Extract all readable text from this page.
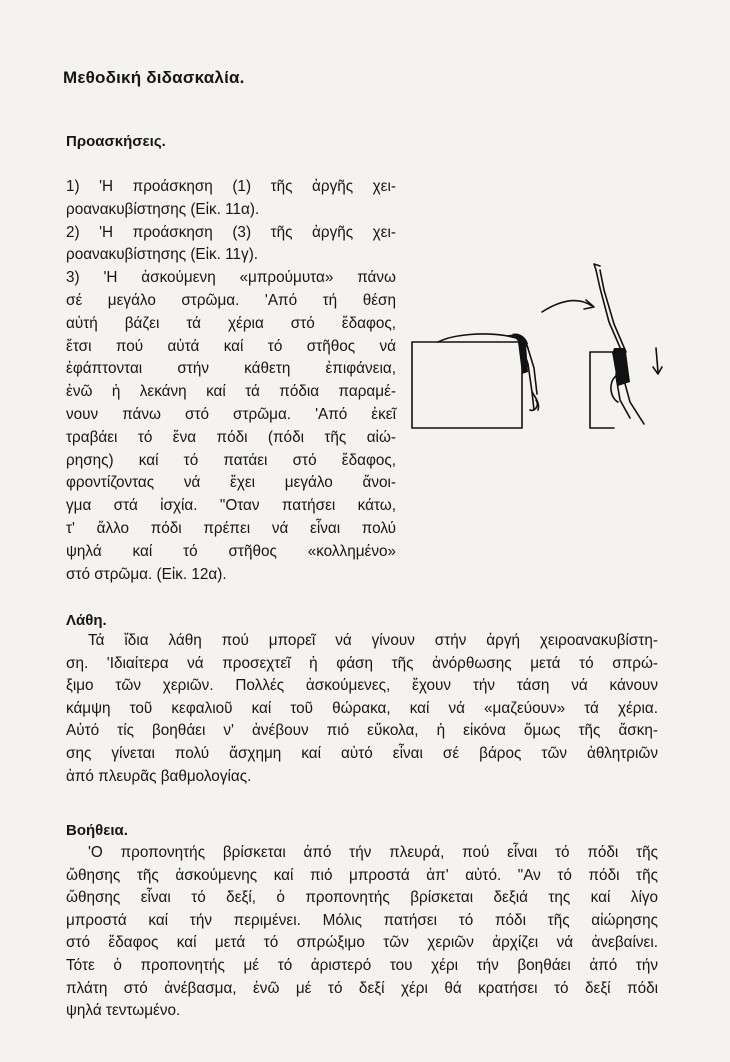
Μεθοδική διδασκαλία.
Προασκήσεις.
1) 'Η προάσκηση (1) τῆς ἀργῆς χει-
ροανακυβίστησης (Εἰκ. 11α).
2) 'Η προάσκηση (3) τῆς ἀργῆς χει-
ροανακυβίστησης (Εἰκ. 11γ).
3) 'Η ἀσκούμενη «μπρούμυτα» πάνω
σέ μεγάλο στρῶμα. 'Από τή θέση
αὐτή βάζει τά χέρια στό ἔδαφος,
ἔτσι πού αὐτά καί τό στῆθος νά
ἐφάπτονται στήν κάθετη ἐπιφάνεια,
ἐνῶ ἡ λεκάνη καί τά πόδια παραμέ-
νουν πάνω στό στρῶμα. 'Από ἐκεῖ
τραβάει τό ἕνα πόδι (πόδι τῆς αἰώ-
ρησης) καί τό πατάει στό ἔδαφος,
φροντίζοντας νά ἔχει μεγάλο ἄνοι-
γμα στά ἰσχία. "Οταν πατήσει κάτω,
τ' ἄλλο πόδι πρέπει νά εἶναι πολύ
ψηλά καί τό στῆθος «κολλημένο»
στό στρῶμα. (Εἰκ. 12α).
Λάθη.
Τά ἴδια λάθη πού μπορεῖ νά γίνουν στήν ἀργή χειροανακυβίστη-
ση. 'Ιδιαίτερα νά προσεχτεῖ ἡ φάση τῆς ἀνόρθωσης μετά τό σπρώ-
ξιμο τῶν χεριῶν. Πολλές ἀσκούμενες, ἔχουν τήν τάση νά κάνουν
κάμψη τοῦ κεφαλιοῦ καί τοῦ θώρακα, καί νά «μαζεύουν» τά χέρια.
Αὐτό τίς βοηθάει ν' ἀνέβουν πιό εὔκολα, ἡ εἰκόνα ὅμως τῆς ἄσκη-
σης γίνεται πολύ ἄσχημη καί αὐτό εἶναι σέ βάρος τῶν ἀθλητριῶν
ἀπό πλευρᾶς βαθμολογίας.
Βοήθεια.
'Ο προπονητής βρίσκεται ἀπό τήν πλευρά, πού εἶναι τό πόδι τῆς
ὤθησης τῆς ἀσκούμενης καί πιό μπροστά ἀπ' αὐτό. "Αν τό πόδι τῆς
ὤθησης εἶναι τό δεξί, ὁ προπονητής βρίσκεται δεξιά της καί λίγο
μπροστά καί τήν περιμένει. Μόλις πατήσει τό πόδι τῆς αἰώρησης
στό ἔδαφος καί μετά τό σπρώξιμο τῶν χεριῶν ἀρχίζει νά ἀνεβαίνει.
Τότε ὁ προπονητής μέ τό ἀριστερό του χέρι τήν βοηθάει ἀπό τήν
πλάτη στό ἀνέβασμα, ἐνῶ μέ τό δεξί χέρι θά κρατήσει τό δεξί πόδι
ψηλά τεντωμένο.
